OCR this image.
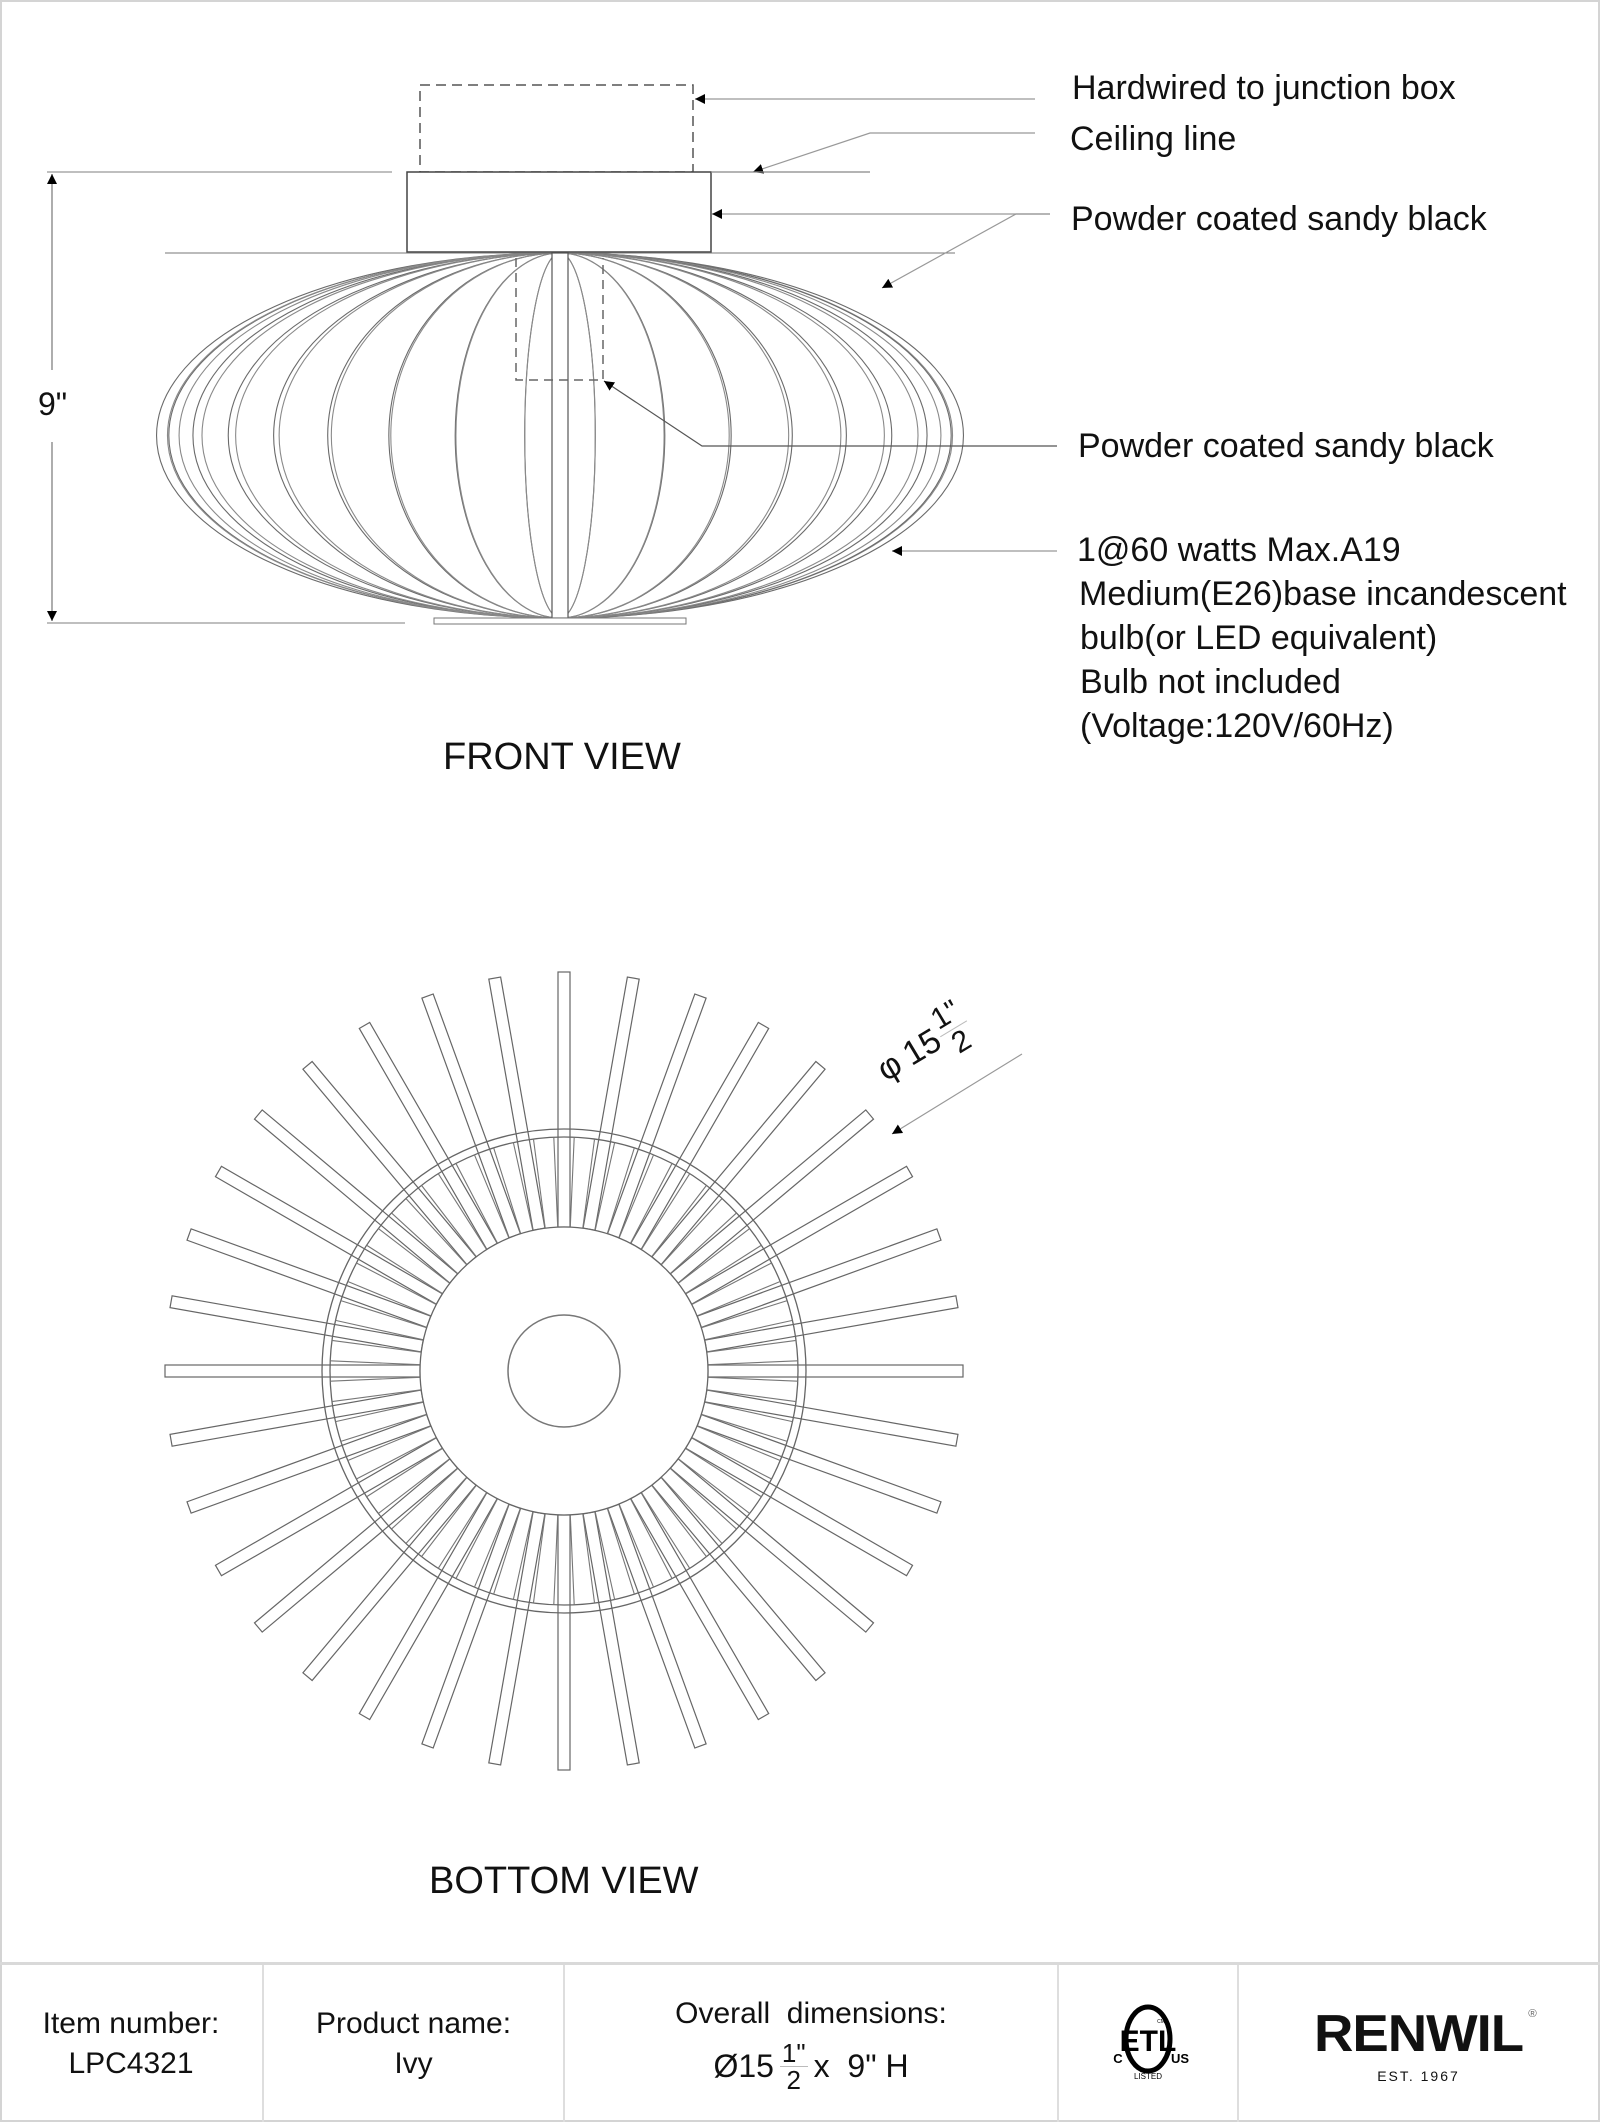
9"
Hardwired to junction box
Ceiling line
Powder coated sandy black
Powder coated sandy black
1@60 watts Max.A19
Medium(E26)base incandescent
bulb(or LED equivalent)
Bulb not included
(Voltage:120V/60Hz)
FRONT VIEW
φ
15
1"
2
BOTTOM VIEW
Item number:
LPC4321
Product name:
Ivy
Overall  dimensions:
Ø15 $\frac{1"}{2}$ x  9" H
ETL
C	US
LISTED
CM	RENWIL ®
EST. 1967
